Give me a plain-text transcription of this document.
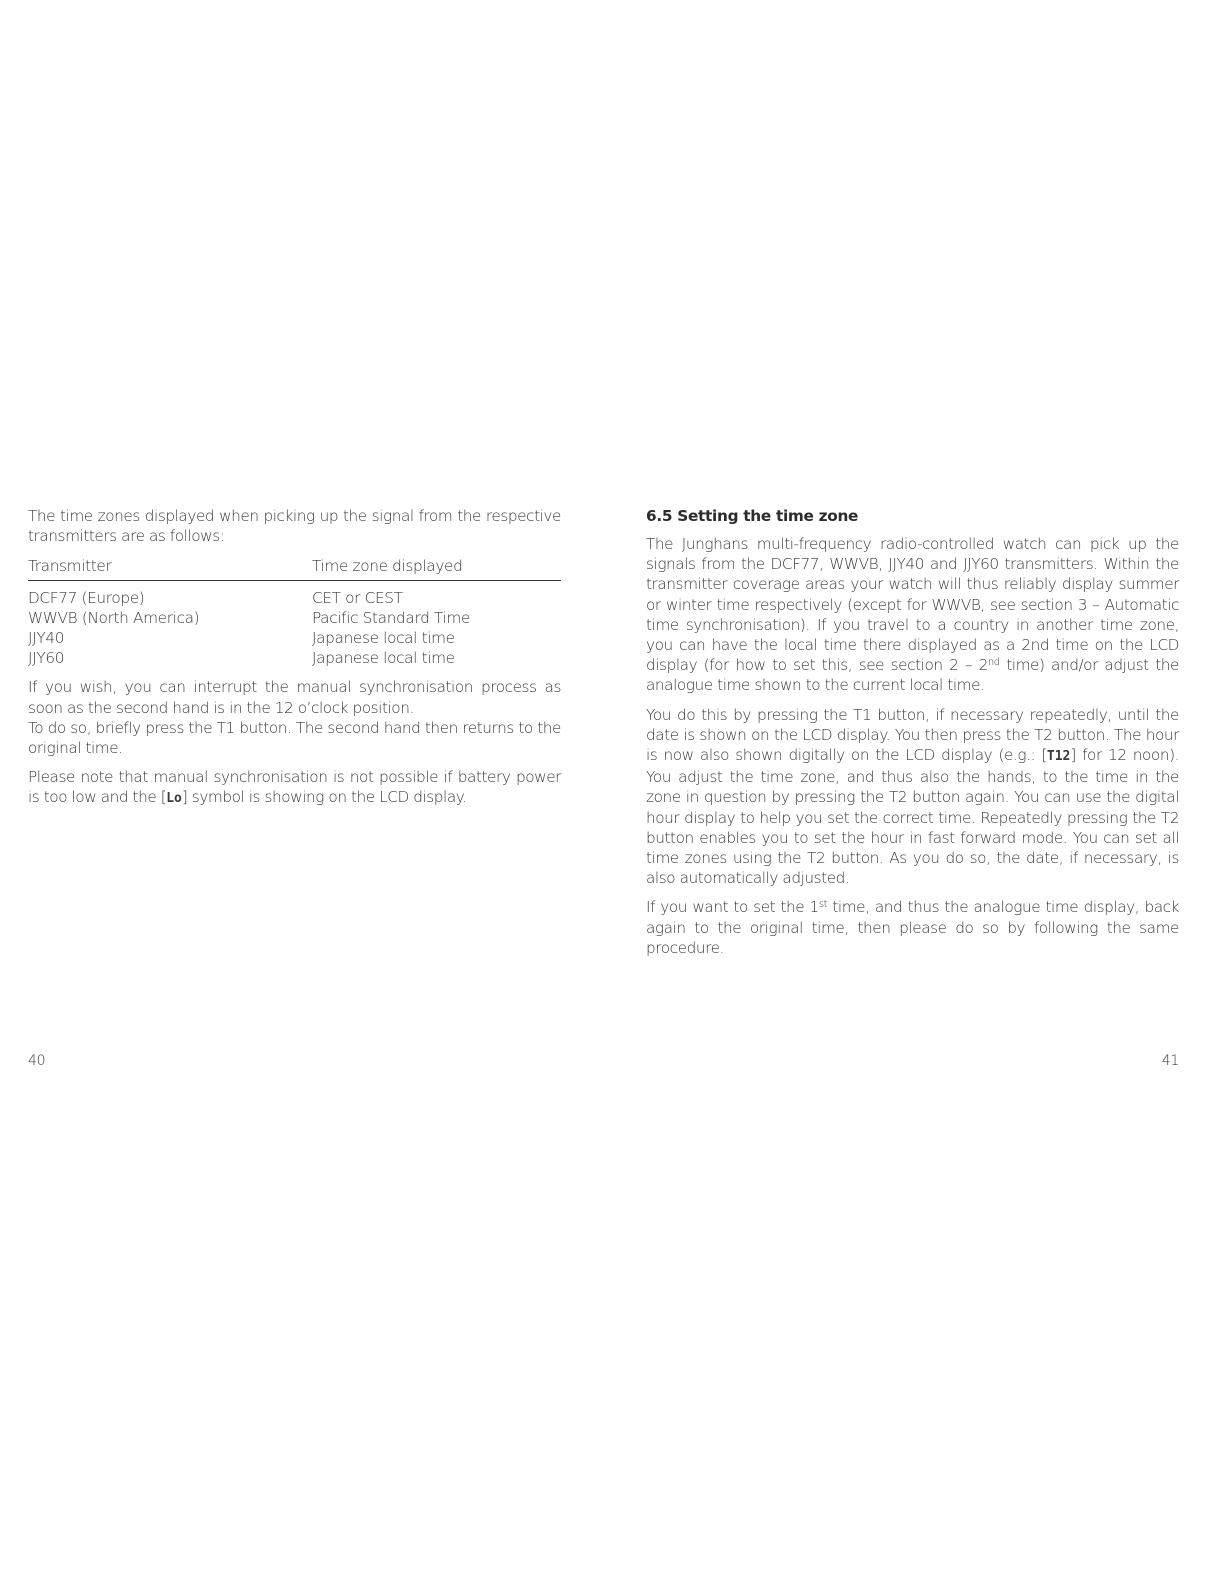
The time zones displayed when picking up the signal from the respective transmitters are as follows:

Transmitter	Time zone displayed
DCF77 (Europe)	CET or CEST
WWVB (North America)	Pacific Standard Time
JJY40	Japanese local time
JJY60	Japanese local time

If you wish, you can interrupt the manual synchronisation process as soon as the second hand is in the 12 o’clock position.
To do so, briefly press the T1 button. The second hand then returns to the original time.

Please note that manual synchronisation is not possible if battery power is too low and the [Lo] symbol is showing on the LCD display.

40
6.5 Setting the time zone

The Junghans multi-frequency radio-controlled watch can pick up the signals from the DCF77, WWVB, JJY40 and JJY60 transmitters. Within the transmitter coverage areas your watch will thus reliably display summer or winter time respectively (except for WWVB, see section 3 – Automatic time synchronisation). If you travel to a country in another time zone, you can have the local time there displayed as a 2nd time on the LCD display (for how to set this, see section 2 – 2nd time) and/or adjust the analogue time shown to the current local time.

You do this by pressing the T1 button, if necessary repeatedly, until the date is shown on the LCD display. You then press the T2 button. The hour is now also shown digitally on the LCD display (e.g.: [T12] for 12 noon). You adjust the time zone, and thus also the hands, to the time in the zone in question by pressing the T2 button again. You can use the digital hour display to help you set the correct time. Repeatedly pressing the T2 button enables you to set the hour in fast forward mode. You can set all time zones using the T2 button. As you do so, the date, if necessary, is also automatically adjusted.

If you want to set the 1st time, and thus the analogue time display, back again to the original time, then please do so by following the same procedure.

41
